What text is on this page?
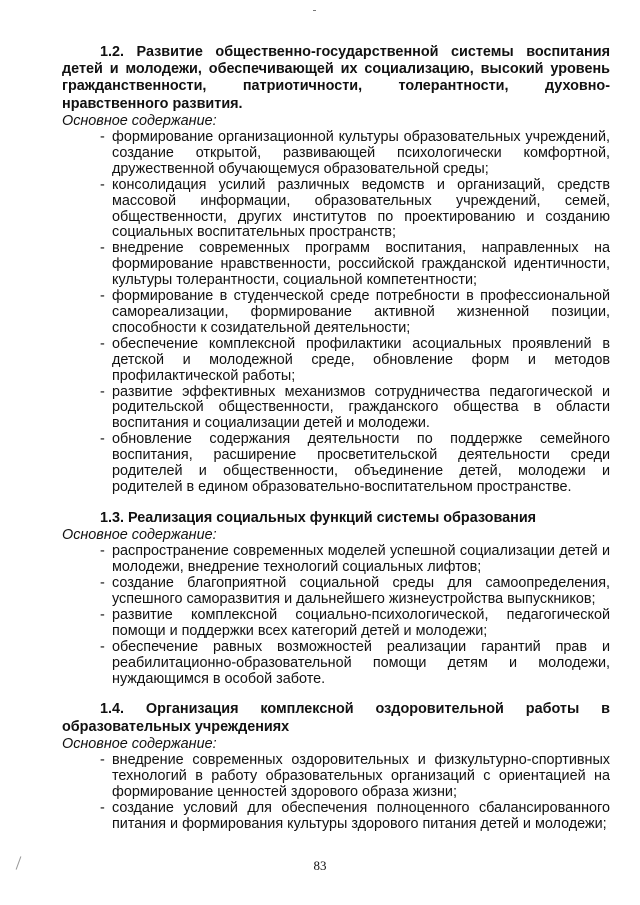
1.2. Развитие общественно-государственной системы воспитания детей и молодежи, обеспечивающей их социализацию, высокий уровень гражданственности, патриотичности, толерантности, духовно-нравственного развития.

Основное содержание:

- формирование организационной культуры образовательных учреждений, создание открытой, развивающей психологически комфортной, дружественной обучающемуся образовательной среды;
- консолидация усилий различных ведомств и организаций, средств массовой информации, образовательных учреждений, семей, общественности, других институтов по проектированию и созданию социальных воспитательных пространств;
- внедрение современных программ воспитания, направленных на формирование нравственности, российской гражданской идентичности, культуры толерантности, социальной компетентности;
- формирование в студенческой среде потребности в профессиональной самореализации, формирование активной жизненной позиции, способности к созидательной деятельности;
- обеспечение комплексной профилактики асоциальных проявлений в детской и молодежной среде, обновление форм и методов профилактической работы;
- развитие эффективных механизмов сотрудничества педагогической и родительской общественности, гражданского общества в области воспитания и социализации детей и молодежи.
- обновление содержания деятельности по поддержке семейного воспитания, расширение просветительской деятельности среди родителей и общественности, объединение детей, молодежи и родителей в едином образовательно-воспитательном пространстве.

1.3. Реализация социальных функций системы образования

Основное содержание:

- распространение современных моделей успешной социализации детей и молодежи, внедрение технологий социальных лифтов;
- создание благоприятной социальной среды для самоопределения, успешного саморазвития и дальнейшего жизнеустройства выпускников;
- развитие комплексной социально-психологической, педагогической помощи и поддержки всех категорий детей и молодежи;
- обеспечение равных возможностей реализации гарантий прав и реабилитационно-образовательной помощи детям и молодежи, нуждающимся в особой заботе.

1.4. Организация комплексной оздоровительной работы в образовательных учреждениях

Основное содержание:

- внедрение современных оздоровительных и физкультурно-спортивных технологий в работу образовательных организаций с ориентацией на формирование ценностей здорового образа жизни;
- создание условий для обеспечения полноценного сбалансированного питания и формирования культуры здорового питания детей и молодежи;
83
